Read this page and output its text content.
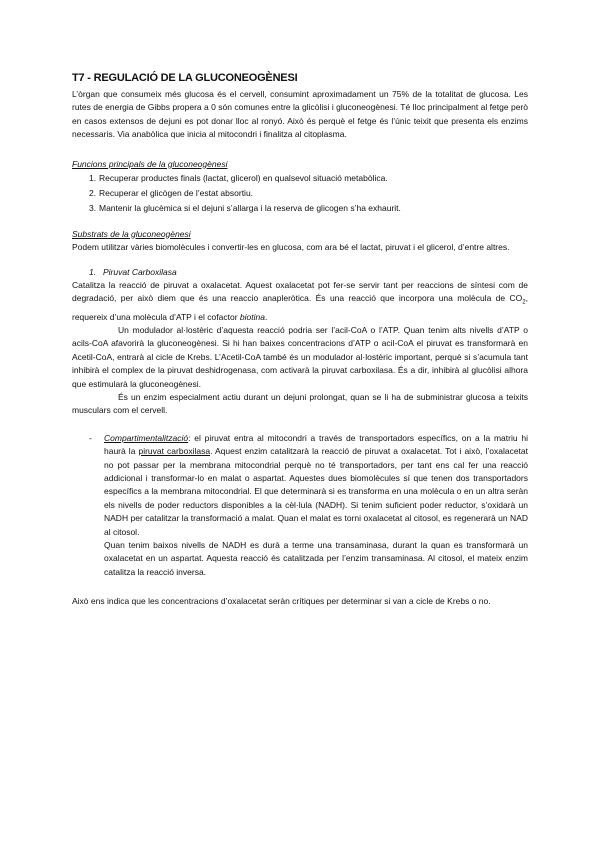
T7 - REGULACIÓ DE LA GLUCONEOGÈNESI

L’òrgan que consumeix més glucosa és el cervell, consumint aproximadament un 75% de la totalitat de glucosa. Les rutes de energia de Gibbs propera a 0 són comunes entre la glicòlisi i gluconeogènesi. Té lloc principalment al fetge però en casos extensos de dejuni es pot donar lloc al ronyó. Això és perquè el fetge és l’únic teixit que presenta els enzims necessaris. Via anabòlica que inicia al mitocondri i finalitza al citoplasma.

Funcions principals de la gluconeogènesi

1. Recuperar productes finals (lactat, glicerol) en qualsevol situació metabòlica.
2. Recuperar el glicògen de l’estat absortiu.
3. Mantenir la glucèmica si el dejuni s’allarga i la reserva de glicogen s’ha exhaurit.

Substrats de la gluconeogènesi

Podem utilitzar vàries biomolècules i convertir-les en glucosa, com ara bé el lactat, piruvat i el glicerol, d’entre altres.

1. Piruvat Carboxilasa

Catalitza la reacció de piruvat a oxalacetat. Aquest oxalacetat pot fer-se servir tant per reaccions de síntesi com de degradació, per això diem que és una reaccio anapleròtica. És una reacció que incorpora una molècula de $CO_2$, requereix d’una molècula d’ATP i el cofactor biotina.

Un modulador al·lostèric d’aquesta reacció podria ser l’acil-CoA o l’ATP. Quan tenim alts nivells d’ATP o acils-CoA afavorirà la gluconeogènesi. Si hi han baixes concentracions d’ATP o acil-CoA el piruvat es transformarà en Acetil-CoA, entrarà al cicle de Krebs. L’Acetil-CoA també és un modulador al·lostèric important, perquè si s’acumula tant inhibirà el complex de la piruvat deshidrogenasa, com activarà la piruvat carboxilasa. És a dir, inhibirà al glucòlisi alhora que estimularà la gluconeogènesi.

És un enzim especialment actiu durant un dejuni prolongat, quan se li ha de subministrar glucosa a teixits musculars com el cervell.

- Compartimentalització: el piruvat entra al mitocondri a través de transportadors específics, on a la matriu hi haurà la piruvat carboxilasa. Aquest enzim catalitzarà la reacció de piruvat a oxalacetat. Tot i això, l’oxalacetat no pot passar per la membrana mitocondrial perquè no té transportadors, per tant ens cal fer una reacció addicional i transformar-lo en malat o aspartat. Aquestes dues biomolècules sí que tenen dos transportadors específics a la membrana mitocondrial. El que determinarà si es transforma en una molècula o en un altra seràn els nivells de poder reductors disponibles a la cèl·lula (NADH). Si tenim suficient poder reductor, s’oxidarà un NADH per catalitzar la transformació a malat. Quan el malat es torni oxalacetat al citosol, es regenerarà un NAD al citosol.

Quan tenim baixos nivells de NADH es durà a terme una transaminasa, durant la quan es transformarà un oxalacetat en un aspartat. Aquesta reacció és catalitzada per l’enzim transaminasa. Al citosol, el mateix enzim catalitza la reacció inversa.

Això ens indica que les concentracions d’oxalacetat seràn crítiques per determinar si van a cicle de Krebs o no.
